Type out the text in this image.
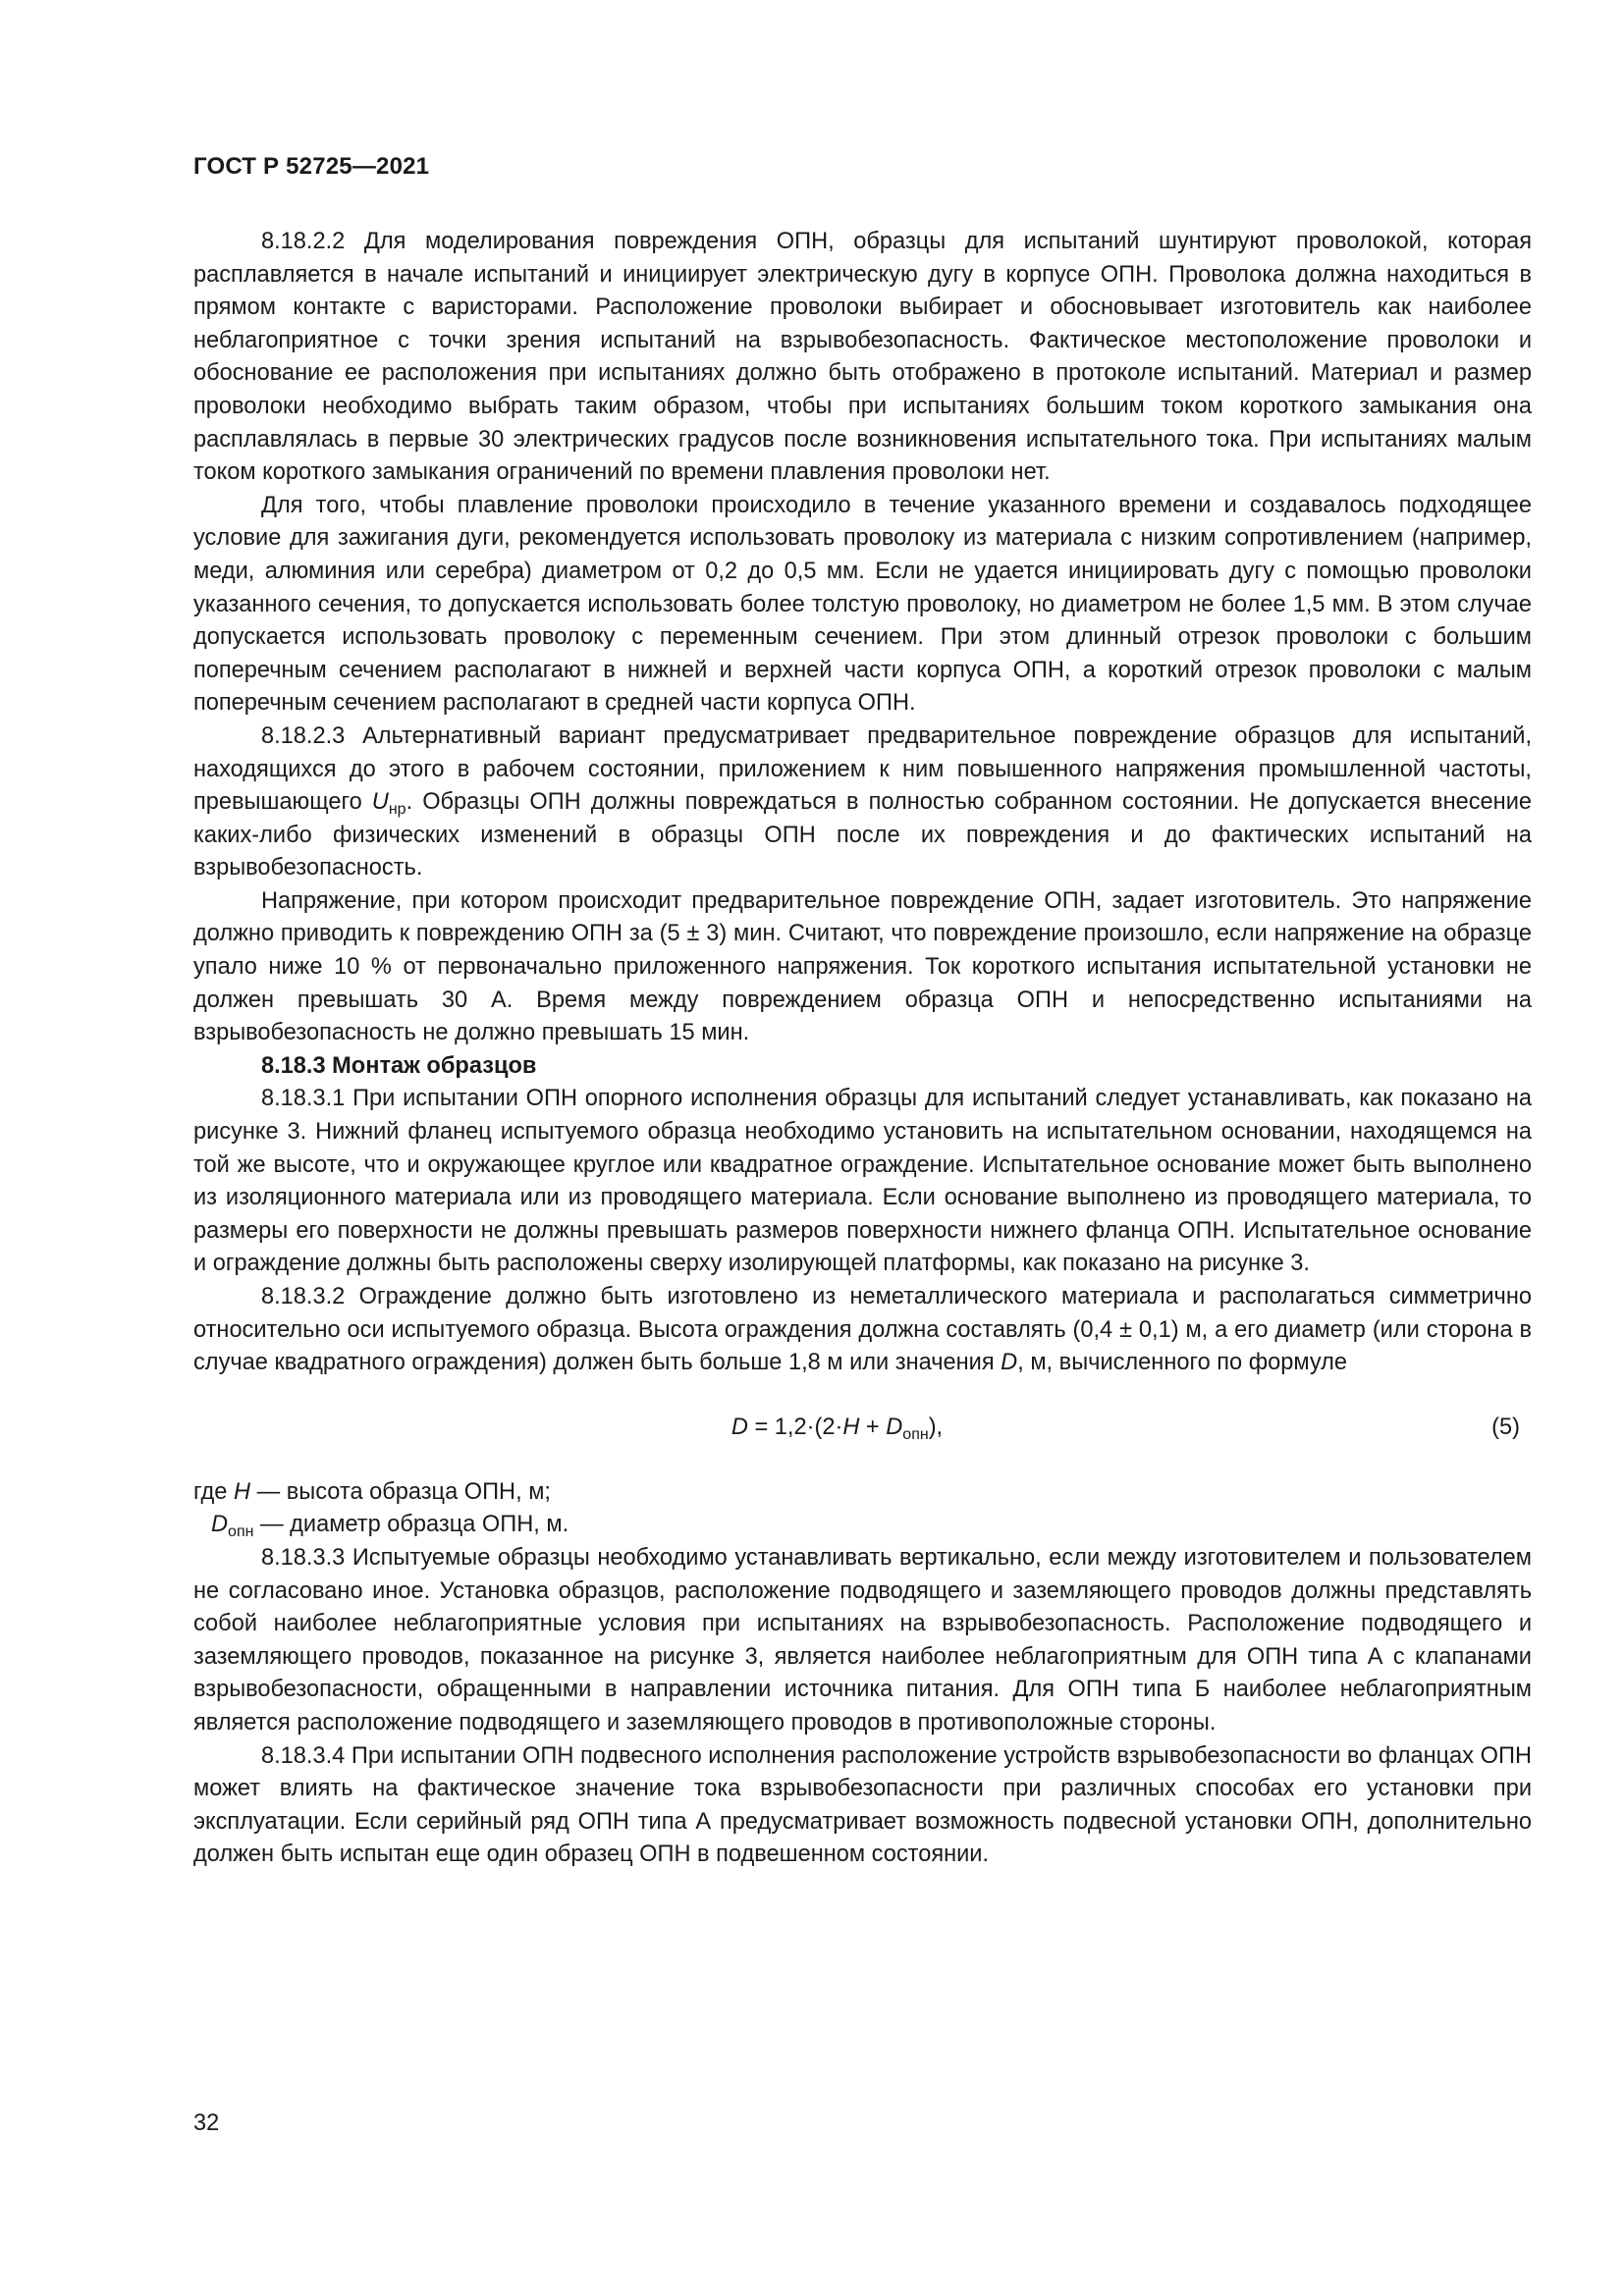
ГОСТ Р 52725—2021

8.18.2.2 Для моделирования повреждения ОПН, образцы для испытаний шунтируют проволокой, которая расплавляется в начале испытаний и инициирует электрическую дугу в корпусе ОПН. Проволока должна находиться в прямом контакте с варисторами. Расположение проволоки выбирает и обосновывает изготовитель как наиболее неблагоприятное с точки зрения испытаний на взрывобезопасность. Фактическое местоположение проволоки и обоснование ее расположения при испытаниях должно быть отображено в протоколе испытаний. Материал и размер проволоки необходимо выбрать таким образом, чтобы при испытаниях большим током короткого замыкания она расплавлялась в первые 30 электрических градусов после возникновения испытательного тока. При испытаниях малым током короткого замыкания ограничений по времени плавления проволоки нет.

Для того, чтобы плавление проволоки происходило в течение указанного времени и создавалось подходящее условие для зажигания дуги, рекомендуется использовать проволоку из материала с низким сопротивлением (например, меди, алюминия или серебра) диаметром от 0,2 до 0,5 мм. Если не удается инициировать дугу с помощью проволоки указанного сечения, то допускается использовать более толстую проволоку, но диаметром не более 1,5 мм. В этом случае допускается использовать проволоку с переменным сечением. При этом длинный отрезок проволоки с большим поперечным сечением располагают в нижней и верхней части корпуса ОПН, а короткий отрезок проволоки с малым поперечным сечением располагают в средней части корпуса ОПН.

8.18.2.3 Альтернативный вариант предусматривает предварительное повреждение образцов для испытаний, находящихся до этого в рабочем состоянии, приложением к ним повышенного напряжения промышленной частоты, превышающего $U_{нр}$. Образцы ОПН должны повреждаться в полностью собранном состоянии. Не допускается внесение каких-либо физических изменений в образцы ОПН после их повреждения и до фактических испытаний на взрывобезопасность.

Напряжение, при котором происходит предварительное повреждение ОПН, задает изготовитель. Это напряжение должно приводить к повреждению ОПН за (5 ± 3) мин. Считают, что повреждение произошло, если напряжение на образце упало ниже 10 % от первоначально приложенного напряжения. Ток короткого испытания испытательной установки не должен превышать 30 А. Время между повреждением образца ОПН и непосредственно испытаниями на взрывобезопасность не должно превышать 15 мин.

8.18.3 Монтаж образцов

8.18.3.1 При испытании ОПН опорного исполнения образцы для испытаний следует устанавливать, как показано на рисунке 3. Нижний фланец испытуемого образца необходимо установить на испытательном основании, находящемся на той же высоте, что и окружающее круглое или квадратное ограждение. Испытательное основание может быть выполнено из изоляционного материала или из проводящего материала. Если основание выполнено из проводящего материала, то размеры его поверхности не должны превышать размеров поверхности нижнего фланца ОПН. Испытательное основание и ограждение должны быть расположены сверху изолирующей платформы, как показано на рисунке 3.

8.18.3.2 Ограждение должно быть изготовлено из неметаллического материала и располагаться симметрично относительно оси испытуемого образца. Высота ограждения должна составлять (0,4 ± 0,1) м, а его диаметр (или сторона в случае квадратного ограждения) должен быть больше 1,8 м или значения D, м, вычисленного по формуле

$D = 1,2\cdot(2\cdot H + D_{опн})$,	(5)

где H — высота образца ОПН, м;

$D_{опн}$ — диаметр образца ОПН, м.

8.18.3.3 Испытуемые образцы необходимо устанавливать вертикально, если между изготовителем и пользователем не согласовано иное. Установка образцов, расположение подводящего и заземляющего проводов должны представлять собой наиболее неблагоприятные условия при испытаниях на взрывобезопасность. Расположение подводящего и заземляющего проводов, показанное на рисунке 3, является наиболее неблагоприятным для ОПН типа А с клапанами взрывобезопасности, обращенными в направлении источника питания. Для ОПН типа Б наиболее неблагоприятным является расположение подводящего и заземляющего проводов в противоположные стороны.

8.18.3.4 При испытании ОПН подвесного исполнения расположение устройств взрывобезопасности во фланцах ОПН может влиять на фактическое значение тока взрывобезопасности при различных способах его установки при эксплуатации. Если серийный ряд ОПН типа А предусматривает возможность подвесной установки ОПН, дополнительно должен быть испытан еще один образец ОПН в подвешенном состоянии.

32
